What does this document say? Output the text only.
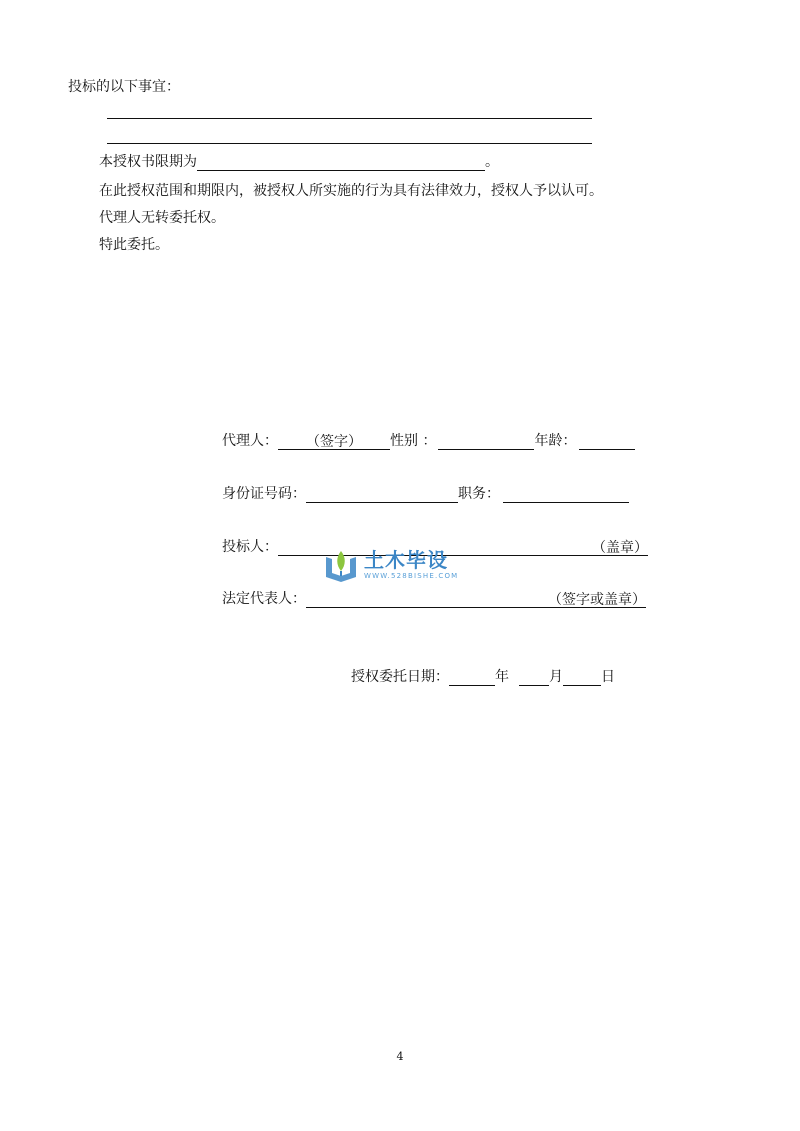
投标的以下事宜：
本授权书限期为	。
在此授权范围和期限内，被授权人所实施的行为具有法律效力，授权人予以认可。
代理人无转委托权。
特此委托。
代理人：	（签字）	性别 ：	年龄：
身份证号码：	职务：
投标人：	（盖章）
法定代表人：	（签字或盖章）
授权委托日期：	年	月	日
土木毕设
WWW.528BISHE.COM
4
